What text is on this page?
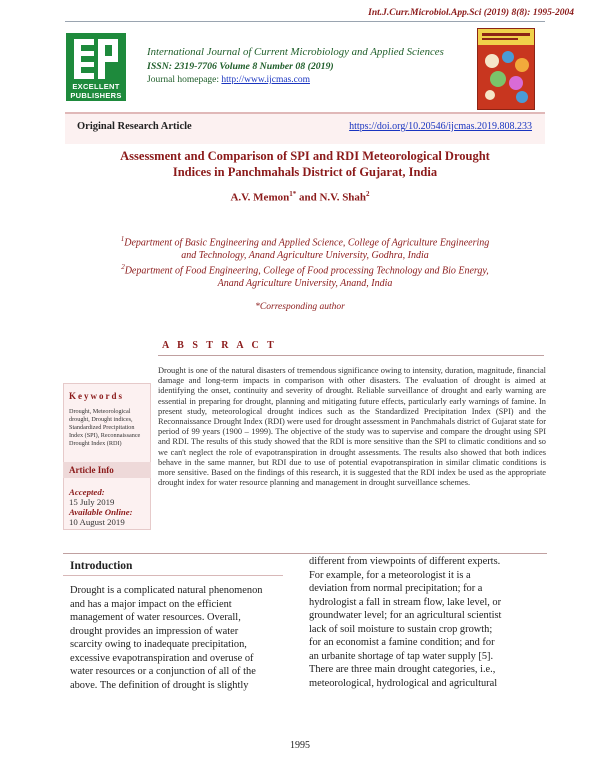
Int.J.Curr.Microbiol.App.Sci (2019) 8(8): 1995-2004
EXCELLENT
PUBLISHERS
International Journal of Current Microbiology and Applied Sciences
ISSN: 2319-7706 Volume 8 Number 08 (2019)
Journal homepage: http://www.ijcmas.com
Original Research Article	https://doi.org/10.20546/ijcmas.2019.808.233
Assessment and Comparison of SPI and RDI Meteorological Drought
Indices in Panchmahals District of Gujarat, India
A.V. Memon$^{1*}$ and N.V. Shah$^2$
$^1$Department of Basic Engineering and Applied Science, College of Agriculture Engineering
and Technology, Anand Agriculture University, Godhra, India
$^2$Department of Food Engineering, College of Food processing Technology and Bio Energy,
Anand Agriculture University, Anand, India
*Corresponding author
A B S T R A C T
Drought is one of the natural disasters of tremendous significance owing to intensity, duration, magnitude, financial damage and long-term impacts in comparison with other disasters. The evaluation of drought is aimed at identifying the onset, continuity and severity of drought. Reliable surveillance of drought and early warning are essential in preparing for drought, planning and mitigating future effects, particularly early warnings of famine. In present study, meteorological drought indices such as the Standardized Precipitation Index (SPI) and the Reconnaissance Drought Index (RDI) were used for drought assessment in Panchmahals district of Gujarat state for period of 99 years (1900 – 1999). The objective of the study was to supervise and compare the drought using SPI and RDI. The results of this study showed that the RDI is more sensitive than the SPI to climatic conditions and so we can't neglect the role of evapotranspiration in drought assessments. The results also showed that both indices behave in the same manner, but RDI due to use of potential evapotranspiration in similar climatic conditions is more sensitive. Based on the findings of this research, it is suggested that the RDI index be used as the appropriate drought index for water resource planning and management in drought surveillance schemes.
Keywords
Drought, Meteorological drought, Drought indices, Standardized Precipitation Index (SPI), Reconnaissance Drought Index (RDI)
Article Info
Accepted:
15 July 2019
Available Online:
10 August 2019
Introduction
Drought is a complicated natural phenomenon
and has a major impact on the efficient
management of water resources. Overall,
drought provides an impression of water
scarcity owing to inadequate precipitation,
excessive evapotranspiration and overuse of
water resources or a conjunction of all of the
above. The definition of drought is slightly
different from viewpoints of different experts.
For example, for a meteorologist it is a
deviation from normal precipitation; for a
hydrologist a fall in stream flow, lake level, or
groundwater level; for an agricultural scientist
lack of soil moisture to sustain crop growth;
for an economist a famine condition; and for
an urbanite shortage of tap water supply [5].
There are three main drought categories, i.e.,
meteorological, hydrological and agricultural
1995
